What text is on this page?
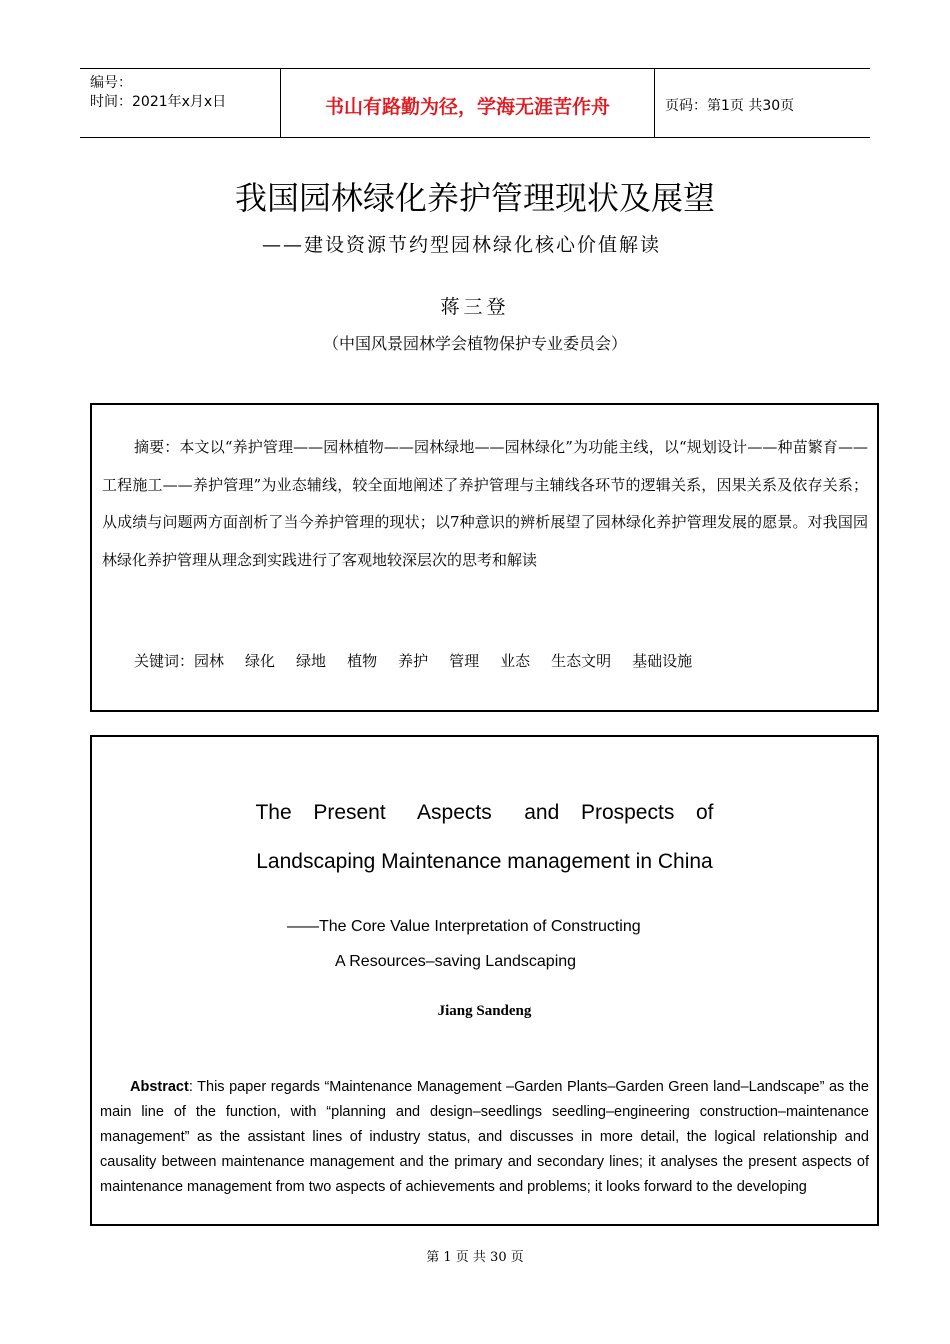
编号：
时间：2021年x月x日	书山有路勤为径，学海无涯苦作舟	页码：第1页 共30页
我国园林绿化养护管理现状及展望
——建设资源节约型园林绿化核心价值解读
蒋三登
（中国风景园林学会植物保护专业委员会）
摘要：本文以“养护管理——园林植物——园林绿地——园林绿化”为功能主线，以“规划设计——种苗繁育——工程施工——养护管理”为业态辅线，较全面地阐述了养护管理与主辅线各环节的逻辑关系，因果关系及依存关系；从成绩与问题两方面剖析了当今养护管理的现状；以7种意识的辨析展望了园林绿化养护管理发展的愿景。对我国园林绿化养护管理从理念到实践进行了客观地较深层次的思考和解读
关键词：园林 绿化 绿地 植物 养护 管理 业态 生态文明 基础设施
The  Present   Aspects   and  Prospects  of
Landscaping Maintenance management in China
——The Core Value Interpretation of Constructing
A Resources–saving Landscaping
Jiang Sandeng
Abstract: This paper regards “Maintenance Management –Garden Plants–Garden Green land–Landscape” as the main line of the function, with “planning and design–seedlings seedling–engineering construction–maintenance management” as the assistant lines of industry status, and discusses in more detail, the logical relationship and causality between maintenance management and the primary and secondary lines; it analyses the present aspects of maintenance management from two aspects of achievements and problems; it looks forward to the developing
第 1 页 共 30 页
